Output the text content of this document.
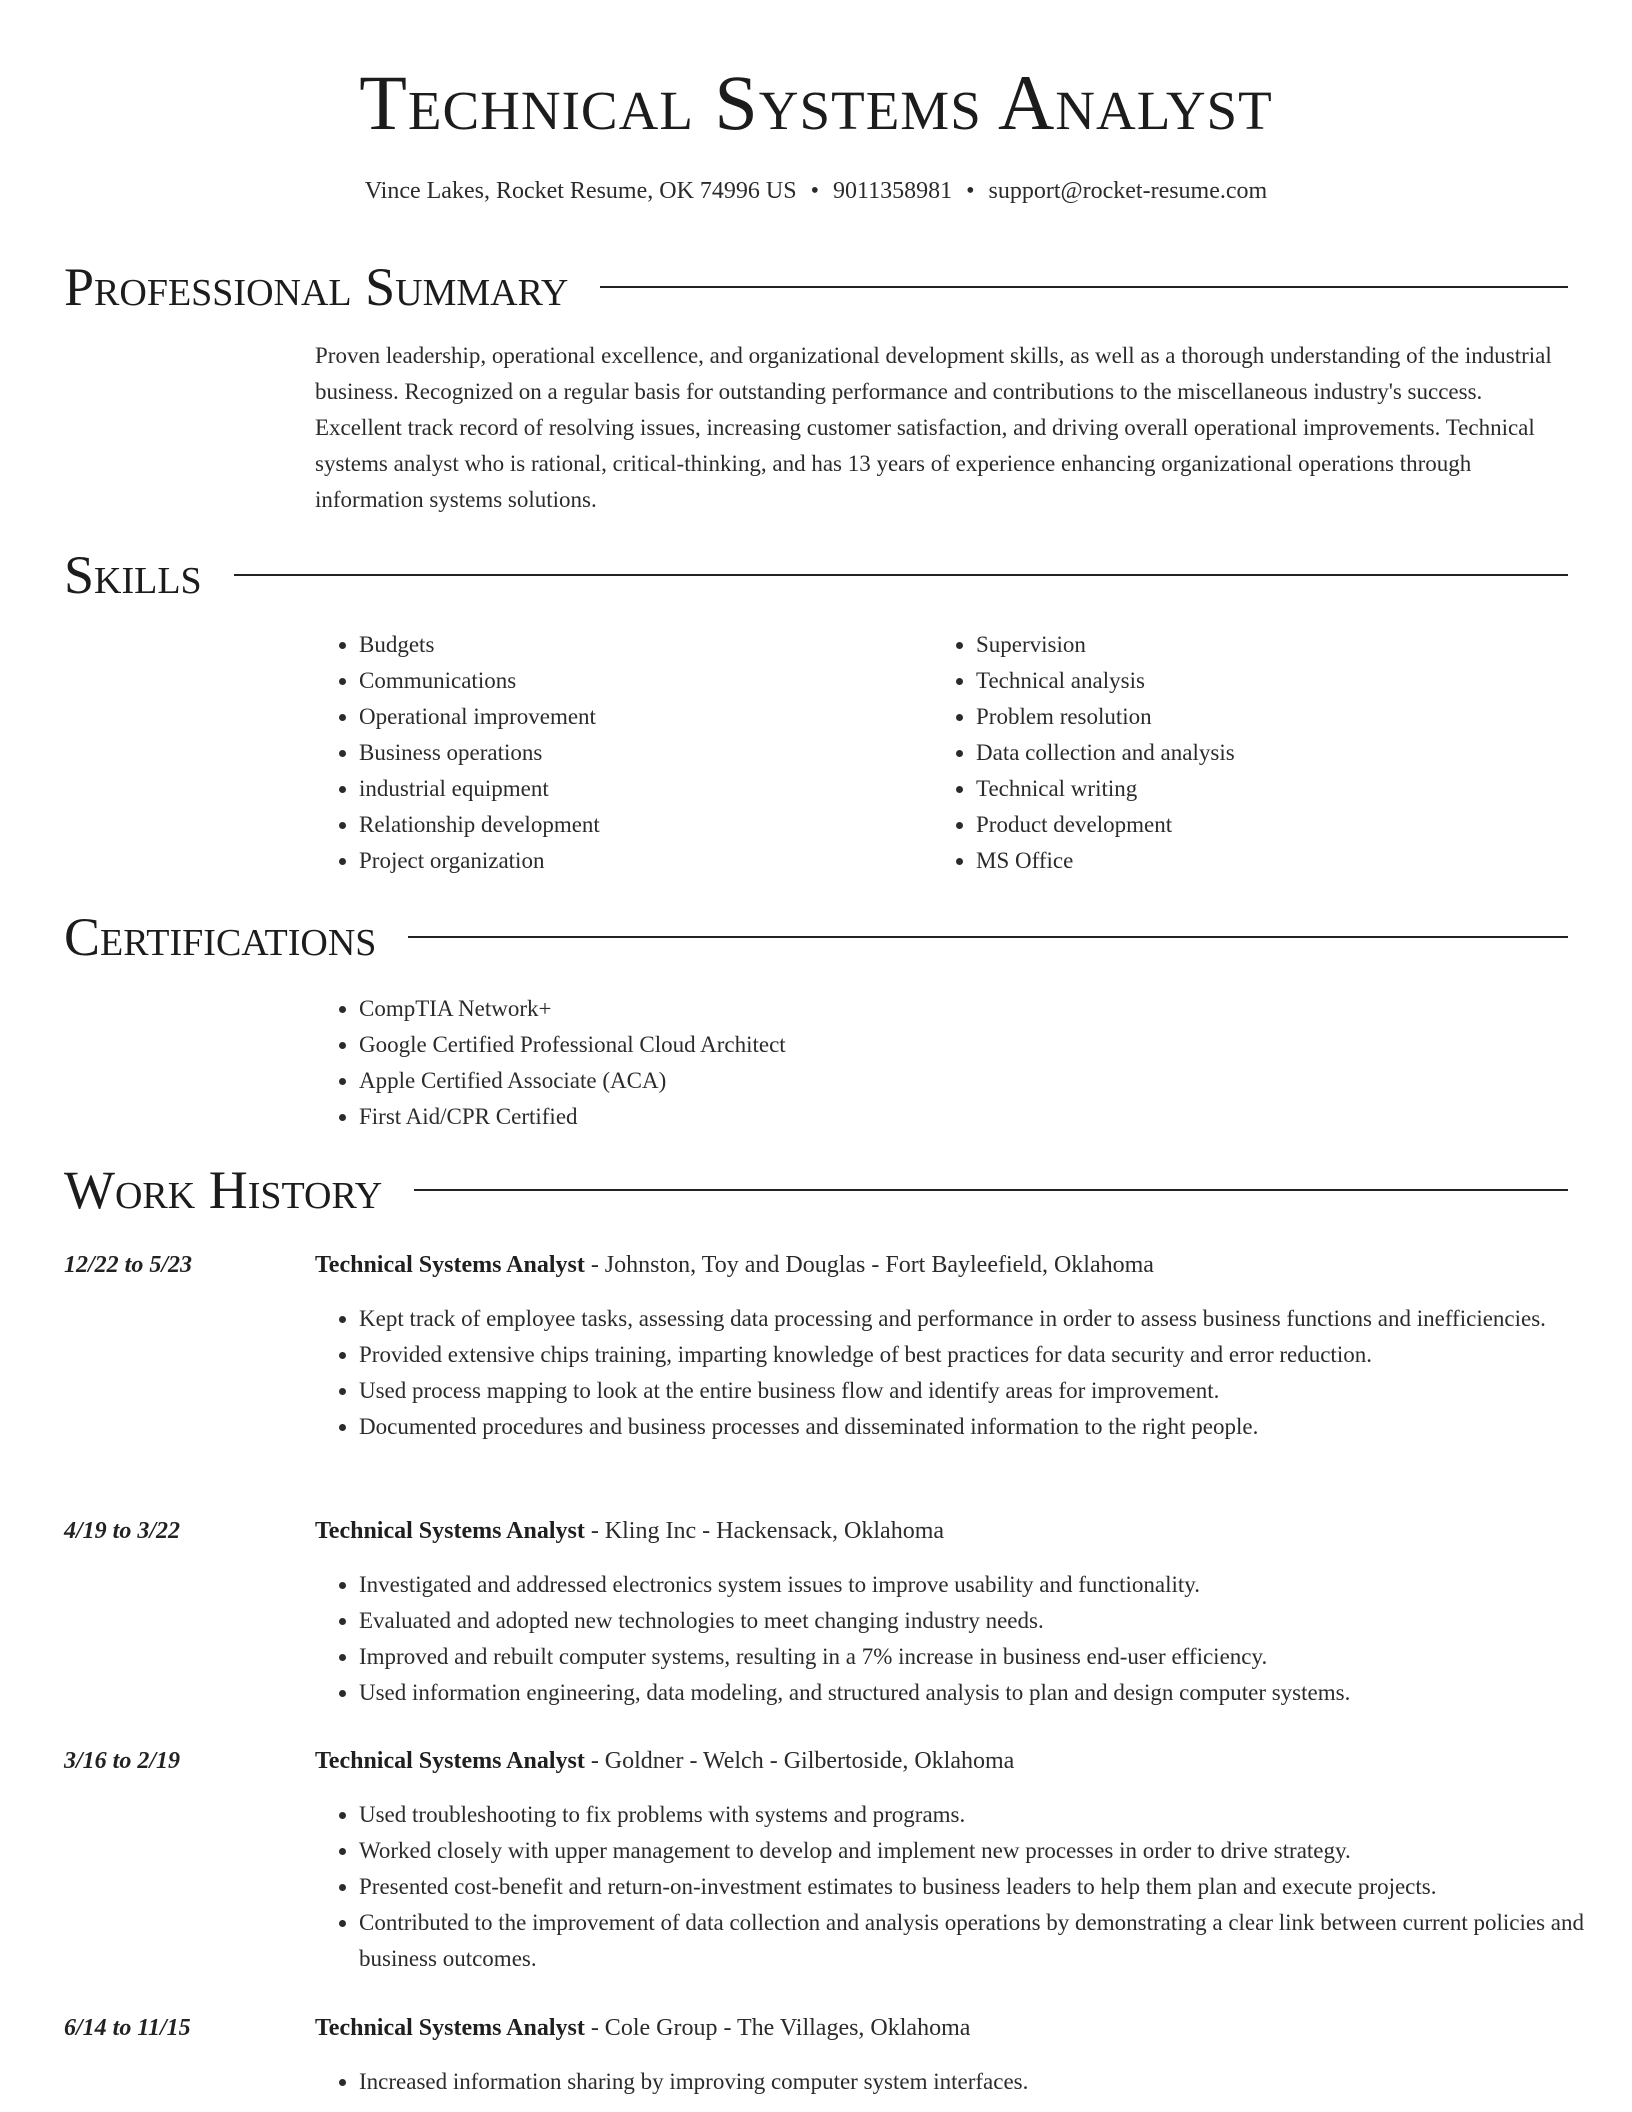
Technical Systems Analyst
Vince Lakes, Rocket Resume, OK 74996 US • 9011358981 • support@rocket-resume.com
Professional Summary

Proven leadership, operational excellence, and organizational development skills, as well as a thorough understanding of the industrial business. Recognized on a regular basis for outstanding performance and contributions to the miscellaneous industry's success. Excellent track record of resolving issues, increasing customer satisfaction, and driving overall operational improvements. Technical systems analyst who is rational, critical-thinking, and has 13 years of experience enhancing organizational operations through information systems solutions.

Skills
• Budgets
• Communications
• Operational improvement
• Business operations
• industrial equipment
• Relationship development
• Project organization
• Supervision
• Technical analysis
• Problem resolution
• Data collection and analysis
• Technical writing
• Product development
• MS Office
Certifications
• CompTIA Network+
• Google Certified Professional Cloud Architect
• Apple Certified Associate (ACA)
• First Aid/CPR Certified
Work History
12/22 to 5/23	Technical Systems Analyst - Johnston, Toy and Douglas - Fort Bayleefield, Oklahoma
• Kept track of employee tasks, assessing data processing and performance in order to assess business functions and inefficiencies.
• Provided extensive chips training, imparting knowledge of best practices for data security and error reduction.
• Used process mapping to look at the entire business flow and identify areas for improvement.
• Documented procedures and business processes and disseminated information to the right people.
4/19 to 3/22	Technical Systems Analyst - Kling Inc - Hackensack, Oklahoma
• Investigated and addressed electronics system issues to improve usability and functionality.
• Evaluated and adopted new technologies to meet changing industry needs.
• Improved and rebuilt computer systems, resulting in a 7% increase in business end-user efficiency.
• Used information engineering, data modeling, and structured analysis to plan and design computer systems.
3/16 to 2/19	Technical Systems Analyst - Goldner - Welch - Gilbertoside, Oklahoma
• Used troubleshooting to fix problems with systems and programs.
• Worked closely with upper management to develop and implement new processes in order to drive strategy.
• Presented cost-benefit and return-on-investment estimates to business leaders to help them plan and execute projects.
• Contributed to the improvement of data collection and analysis operations by demonstrating a clear link between current policies and business outcomes.
6/14 to 11/15	Technical Systems Analyst - Cole Group - The Villages, Oklahoma
• Increased information sharing by improving computer system interfaces.
